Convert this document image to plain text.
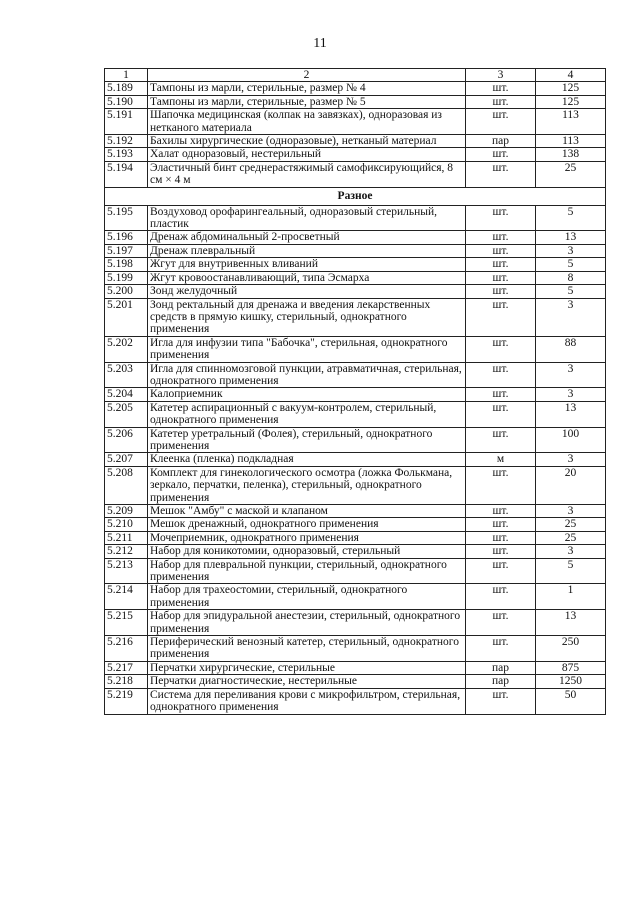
11
1	2	3	4
5.189	Тампоны из марли, стерильные, размер № 4	шт.	125
5.190	Тампоны из марли, стерильные, размер № 5	шт.	125
5.191	Шапочка медицинская (колпак на завязках), одноразовая из нетканого материала	шт.	113
5.192	Бахилы хирургические (одноразовые), нетканый материал	пар	113
5.193	Халат одноразовый, нестерильный	шт.	138
5.194	Эластичный бинт среднерастяжимый самофиксирующийся, 8 см × 4 м	шт.	25
Разное			
5.195	Воздуховод орофарингеальный, одноразовый стерильный, пластик	шт.	5
5.196	Дренаж абдоминальный 2-просветный	шт.	13
5.197	Дренаж плевральный	шт.	3
5.198	Жгут для внутривенных вливаний	шт.	5
5.199	Жгут кровоостанавливающий, типа Эсмарха	шт.	8
5.200	Зонд желудочный	шт.	5
5.201	Зонд ректальный для дренажа и введения лекарственных средств в прямую кишку, стерильный, однократного применения	шт.	3
5.202	Игла для инфузии типа "Бабочка", стерильная, однократного применения	шт.	88
5.203	Игла для спинномозговой пункции, атравматичная, стерильная, однократного применения	шт.	3
5.204	Калоприемник	шт.	3
5.205	Катетер аспирационный с вакуум-контролем, стерильный, однократного применения	шт.	13
5.206	Катетер уретральный (Фолея), стерильный, однократного применения	шт.	100
5.207	Клеенка (пленка) подкладная	м	3
5.208	Комплект для гинекологического осмотра (ложка Фолькмана, зеркало, перчатки, пеленка), стерильный, однократного применения	шт.	20
5.209	Мешок "Амбу" с маской и клапаном	шт.	3
5.210	Мешок дренажный, однократного применения	шт.	25
5.211	Мочеприемник, однократного применения	шт.	25
5.212	Набор для коникотомии, одноразовый, стерильный	шт.	3
5.213	Набор для плевральной пункции, стерильный, однократного применения	шт.	5
5.214	Набор для трахеостомии, стерильный, однократного применения	шт.	1
5.215	Набор для эпидуральной анестезии, стерильный, однократного применения	шт.	13
5.216	Периферический венозный катетер, стерильный, однократного применения	шт.	250
5.217	Перчатки хирургические, стерильные	пар	875
5.218	Перчатки диагностические, нестерильные	пар	1250
5.219	Система для переливания крови с микрофильтром, стерильная, однократного применения	шт.	50
